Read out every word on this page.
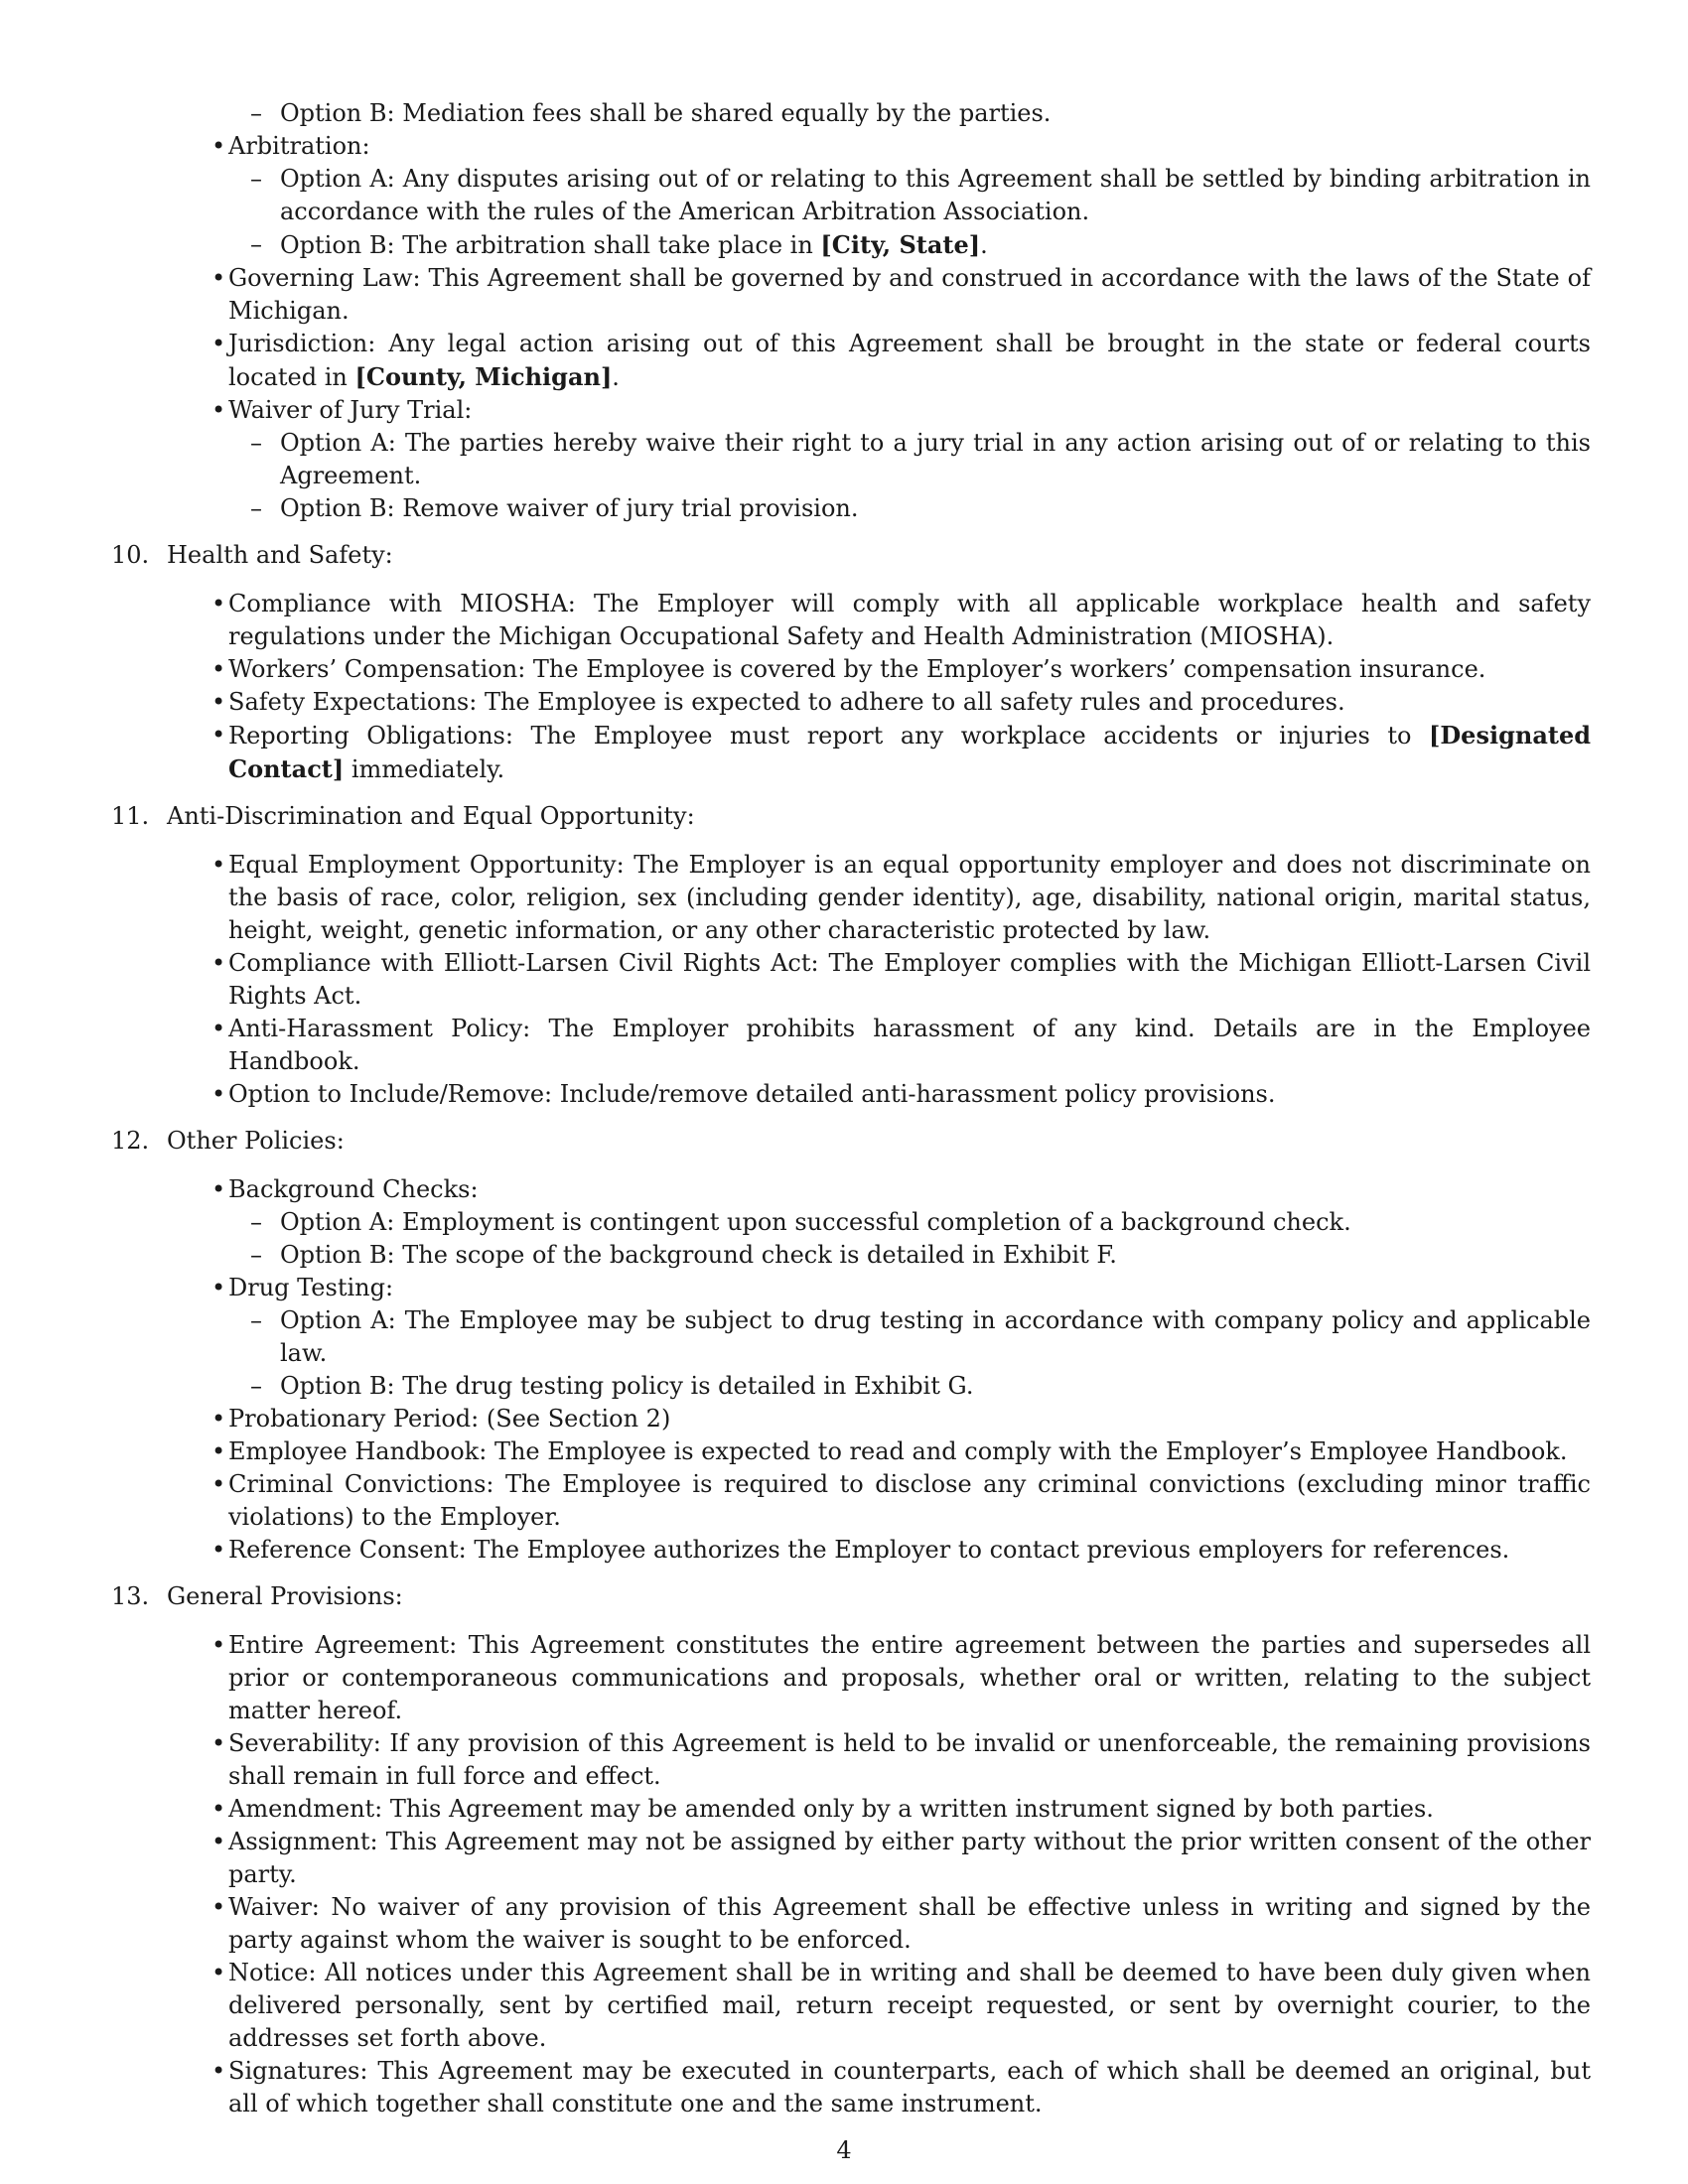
– Option B: Mediation fees shall be shared equally by the parties.
• Arbitration:
– Option A: Any disputes arising out of or relating to this Agreement shall be settled by binding arbitration in accordance with the rules of the American Arbitration Association.
– Option B: The arbitration shall take place in [City, State].
• Governing Law: This Agreement shall be governed by and construed in accordance with the laws of the State of Michigan.
• Jurisdiction: Any legal action arising out of this Agreement shall be brought in the state or federal courts located in [County, Michigan].
• Waiver of Jury Trial:
– Option A: The parties hereby waive their right to a jury trial in any action arising out of or relating to this Agreement.
– Option B: Remove waiver of jury trial provision.
10. Health and Safety:
• Compliance with MIOSHA: The Employer will comply with all applicable workplace health and safety regulations under the Michigan Occupational Safety and Health Administration (MIOSHA).
• Workers’ Compensation: The Employee is covered by the Employer’s workers’ compensation insurance.
• Safety Expectations: The Employee is expected to adhere to all safety rules and procedures.
• Reporting Obligations: The Employee must report any workplace accidents or injuries to [Designated Contact] immediately.
11. Anti-Discrimination and Equal Opportunity:
• Equal Employment Opportunity: The Employer is an equal opportunity employer and does not discriminate on the basis of race, color, religion, sex (including gender identity), age, disability, national origin, marital status, height, weight, genetic information, or any other characteristic protected by law.
• Compliance with Elliott-Larsen Civil Rights Act: The Employer complies with the Michigan Elliott-Larsen Civil Rights Act.
• Anti-Harassment Policy: The Employer prohibits harassment of any kind. Details are in the Employee Handbook.
• Option to Include/Remove: Include/remove detailed anti-harassment policy provisions.
12. Other Policies:
• Background Checks:
– Option A: Employment is contingent upon successful completion of a background check.
– Option B: The scope of the background check is detailed in Exhibit F.
• Drug Testing:
– Option A: The Employee may be subject to drug testing in accordance with company policy and applicable law.
– Option B: The drug testing policy is detailed in Exhibit G.
• Probationary Period: (See Section 2)
• Employee Handbook: The Employee is expected to read and comply with the Employer’s Employee Handbook.
• Criminal Convictions: The Employee is required to disclose any criminal convictions (excluding minor traffic violations) to the Employer.
• Reference Consent: The Employee authorizes the Employer to contact previous employers for references.
13. General Provisions:
• Entire Agreement: This Agreement constitutes the entire agreement between the parties and supersedes all prior or contemporaneous communications and proposals, whether oral or written, relating to the subject matter hereof.
• Severability: If any provision of this Agreement is held to be invalid or unenforceable, the remaining provisions shall remain in full force and effect.
• Amendment: This Agreement may be amended only by a written instrument signed by both parties.
• Assignment: This Agreement may not be assigned by either party without the prior written consent of the other party.
• Waiver: No waiver of any provision of this Agreement shall be effective unless in writing and signed by the party against whom the waiver is sought to be enforced.
• Notice: All notices under this Agreement shall be in writing and shall be deemed to have been duly given when delivered personally, sent by certified mail, return receipt requested, or sent by overnight courier, to the addresses set forth above.
• Signatures: This Agreement may be executed in counterparts, each of which shall be deemed an original, but all of which together shall constitute one and the same instrument.
4
